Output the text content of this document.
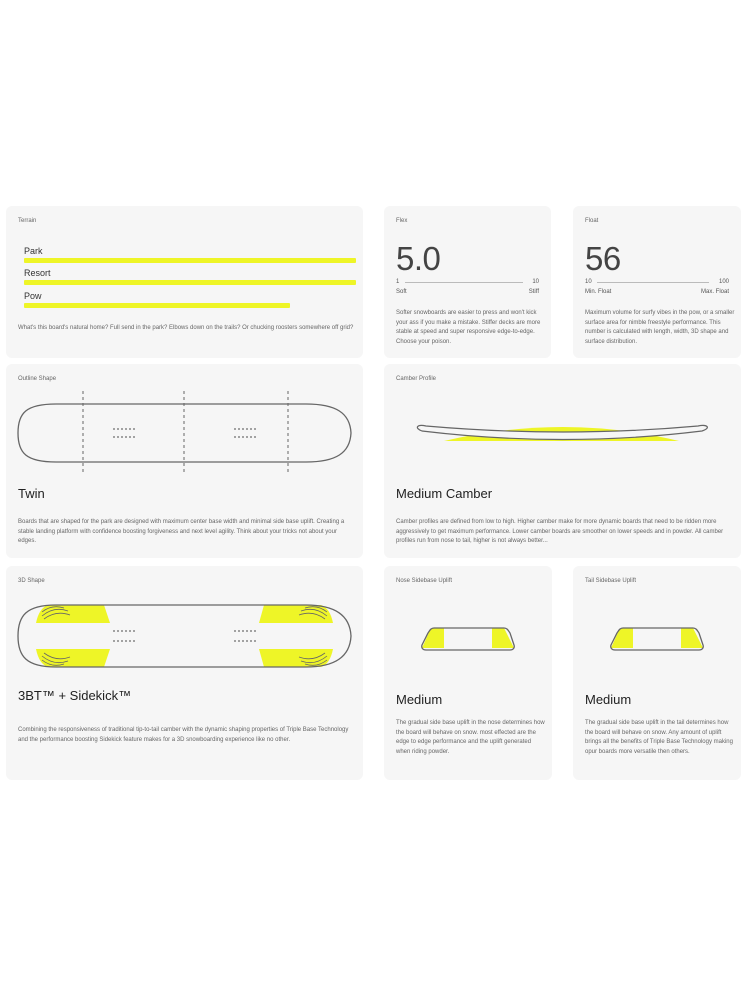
Terrain
Park
Resort
Pow
What's this board's natural home? Full send in the park? Elbows down on the trails? Or chucking roosters somewhere off grid?
Flex
5.0
1	10
Soft	Stiff
Softer snowboards are easier to press and won't kick your ass if you make a mistake. Stiffer decks are more stable at speed and super responsive edge-to-edge. Choose your poison.
Float
56
10	100
Min. Float	Max. Float
Maximum volume for surfy vibes in the pow, or a smaller surface area for nimble freestyle performance. This number is calculated with length, width, 3D shape and surface distribution.
Outline Shape
Twin
Boards that are shaped for the park are designed with maximum center base width and minimal side base uplift. Creating a stable landing platform with confidence boosting forgiveness and next level agility. Think about your tricks not about your edges.
Camber Profile
Medium Camber
Camber profiles are defined from low to high. Higher camber make for more dynamic boards that need to be ridden more aggressively to get maximum performance. Lower camber boards are smoother on lower speeds and in powder. All camber profiles run from nose to tail, higher is not always better...
3D Shape
3BT™ + Sidekick™
Combining the responsiveness of traditional tip-to-tail camber with the dynamic shaping properties of Triple Base Technology and the performance boosting Sidekick feature makes for a 3D snowboarding experience like no other.
Nose Sidebase Uplift
Medium
The gradual side base uplift in the nose determines how the board will behave on snow. most effected are the edge to edge performance and the uplift generated when riding powder.
Tail Sidebase Uplift
Medium
The gradual side base uplift in the tail determines how the board will behave on snow. Any amount of uplift brings all the benefits of Triple Base Technology making opur boards more versatile then others.
